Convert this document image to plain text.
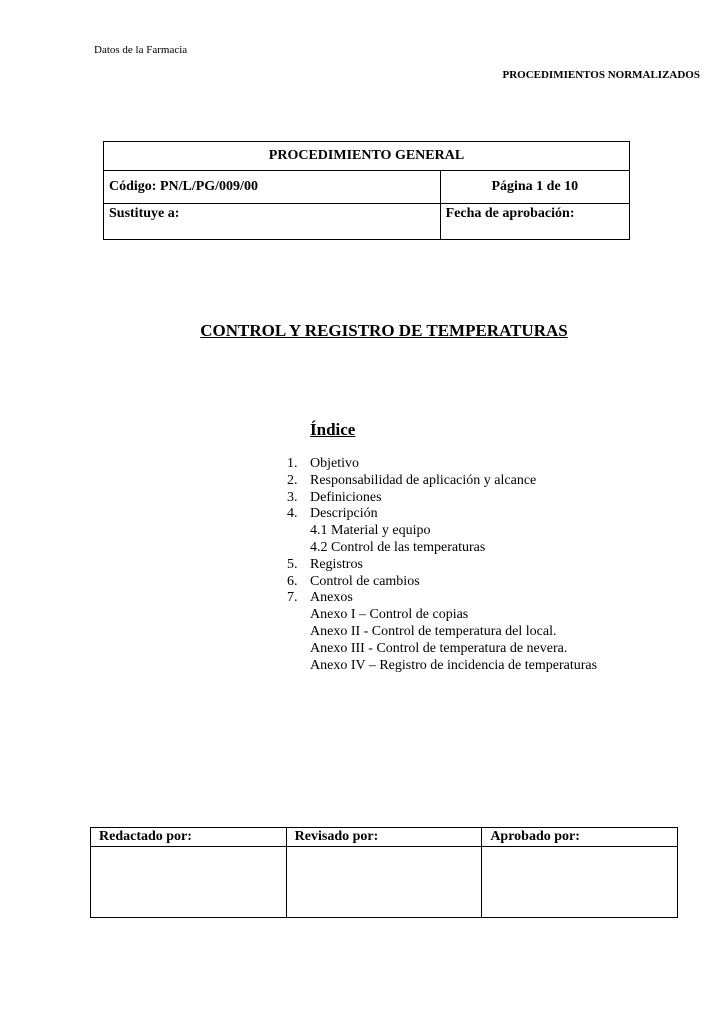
Datos de la Farmacia
PROCEDIMIENTOS NORMALIZADOS
PROCEDIMIENTO GENERAL	
Código: PN/L/PG/009/00	Página 1 de 10
Sustituye a:	Fecha de aprobación:
CONTROL Y REGISTRO DE TEMPERATURAS
Índice
1. Objetivo
2. Responsabilidad de aplicación y alcance
3. Definiciones
4. Descripción
4.1 Material y equipo
4.2 Control de las temperaturas
5. Registros
6. Control de cambios
7. Anexos
Anexo I – Control de copias
Anexo II - Control de temperatura del local.
Anexo III - Control de temperatura de nevera.
Anexo IV – Registro de incidencia de temperaturas
Redactado por:	Revisado por:	Aprobado por:
